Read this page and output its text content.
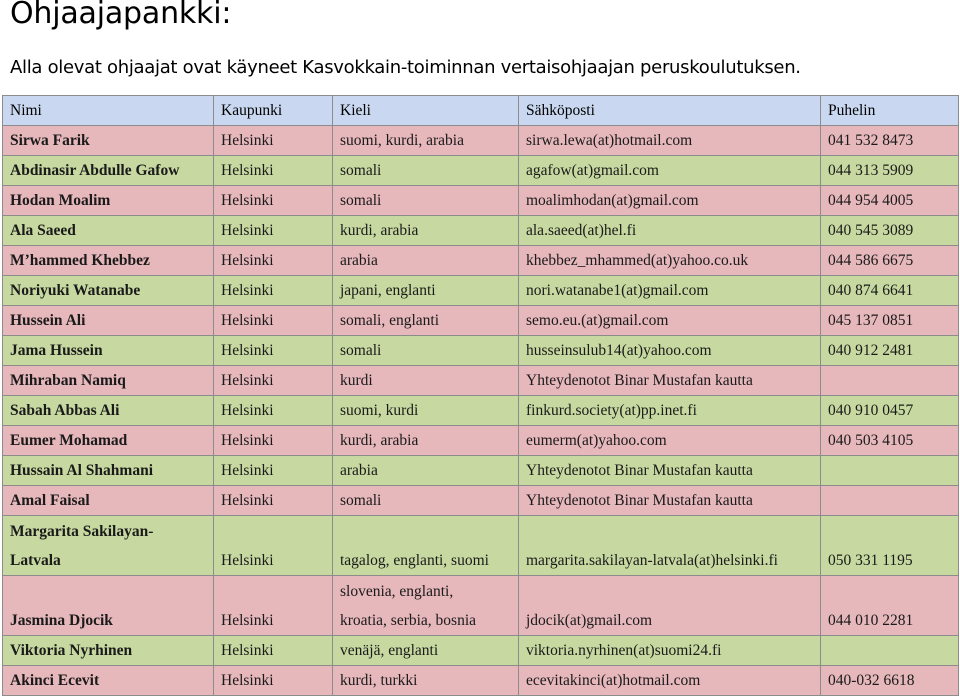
Ohjaajapankki:

Alla olevat ohjaajat ovat käyneet Kasvokkain-toiminnan vertaisohjaajan peruskoulutuksen.

Nimi	Kaupunki	Kieli	Sähköposti	Puhelin
Sirwa Farik	Helsinki	suomi, kurdi, arabia	sirwa.lewa(at)hotmail.com	041 532 8473
Abdinasir Abdulle Gafow	Helsinki	somali	agafow(at)gmail.com	044 313 5909
Hodan Moalim	Helsinki	somali	moalimhodan(at)gmail.com	044 954 4005
Ala Saeed	Helsinki	kurdi, arabia	ala.saeed(at)hel.fi	040 545 3089
M’hammed Khebbez	Helsinki	arabia	khebbez_mhammed(at)yahoo.co.uk	044 586 6675
Noriyuki Watanabe	Helsinki	japani, englanti	nori.watanabe1(at)gmail.com	040 874 6641
Hussein Ali	Helsinki	somali, englanti	semo.eu.(at)gmail.com	045 137 0851
Jama Hussein	Helsinki	somali	husseinsulub14(at)yahoo.com	040 912 2481
Mihraban Namiq	Helsinki	kurdi	Yhteydenotot Binar Mustafan kautta	
Sabah Abbas Ali	Helsinki	suomi, kurdi	finkurd.society(at)pp.inet.fi	040 910 0457
Eumer Mohamad	Helsinki	kurdi, arabia	eumerm(at)yahoo.com	040 503 4105
Hussain Al Shahmani	Helsinki	arabia	Yhteydenotot Binar Mustafan kautta	
Amal Faisal	Helsinki	somali	Yhteydenotot Binar Mustafan kautta	

Margarita Sakilayan-
Latvala	Helsinki	tagalog, englanti, suomi	margarita.sakilayan-latvala(at)helsinki.fi	050 331 1195
Jasmina Djocik	Helsinki	slovenia, englanti,
kroatia, serbia, bosnia	jdocik(at)gmail.com	044 010 2281
Viktoria Nyrhinen	Helsinki	venäjä, englanti	viktoria.nyrhinen(at)suomi24.fi	
Akinci Ecevit	Helsinki	kurdi, turkki	ecevitakinci(at)hotmail.com	040-032 6618
